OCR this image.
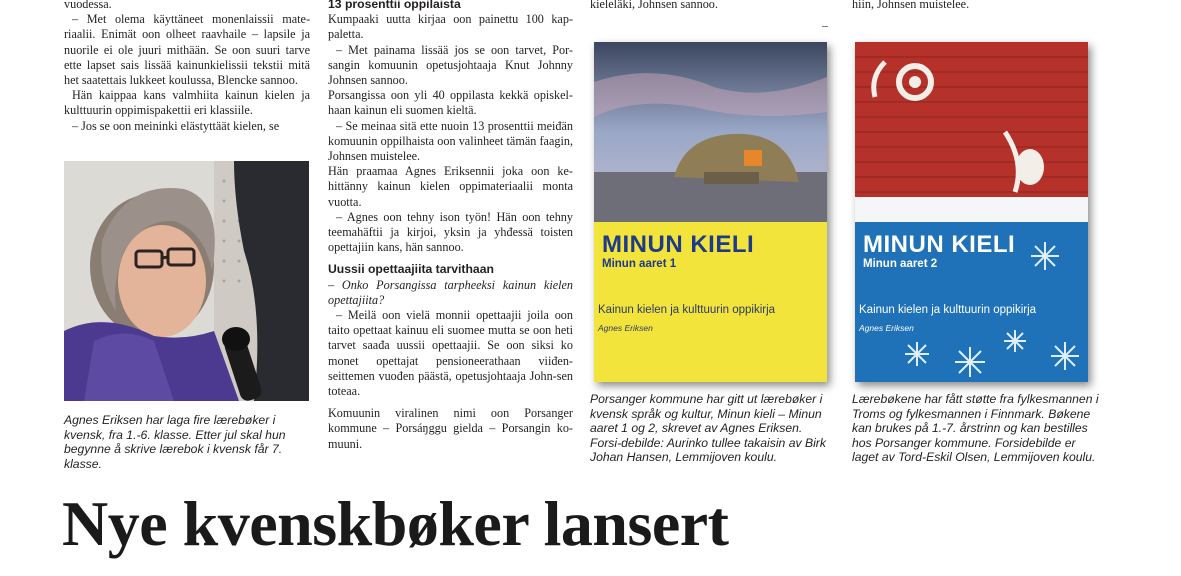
vuodessa.

– Met olema käyttäneet monenlaissii mate-riaalii. Enimät oon olheet raavhaile – lapsile ja nuorile ei ole juuri mithään. Se oon suuri tarve ette lapset sais lissää kainunkielissii tekstii mitä het saatettais lukkeet koulussa, Blencke sannoo.

Hän kaippaa kans valmhiita kainun kielen ja kulttuurin oppimispakettii eri klassiile.

– Jos se oon meininki elästyttäät kielen, se

Agnes Eriksen har laga fire lærebøker i kvensk, fra 1.-6. klasse. Etter jul skal hun begynne å skrive lærebok i kvensk får 7. klasse.

13 prosenttii oppilaista

Kumpaaki uutta kirjaa oon painettu 100 kap-paletta.

– Met painama lissää jos se oon tarvet, Por-sangin komuunin opetusjohtaaja Knut Johnny Johnsen sannoo.

Porsangissa oon yli 40 oppilasta kekkä opiskel-haan kainun eli suomen kieltä.

– Se meinaa sitä ette nuoin 13 prosenttii meiđän komuunin oppilhaista oon valinheet tämän faagin, Johnsen muistelee.

Hän praamaa Agnes Eriksennii joka oon ke-hittänny kainun kielen oppimateriaalii monta vuotta.

– Agnes oon tehny ison työn! Hän oon tehny teemahäftii ja kirjoi, yksin ja yhđessä toisten opettajiin kans, hän sannoo.

Uussii opettaajiita tarvithaan

– Onko Porsangissa tarpheeksi kainun kielen opettajiita?

– Meilä oon vielä monnii opettaajii joila oon taito opettaat kainuu eli suomee mutta se oon heti tarvet saađa uussii opettaajii. Se oon siksi ko monet opettajat pensioneerathaan viiđen-seittemen vuođen päästä, opetusjohtaaja John-sen toteaa.

Komuunin viralinen nimi oon Porsanger kommune – Porsáŋggu gielda – Porsangin ko-muuni.

kieleläki, Johnsen sannoo.

–

hiin, Johnsen muistelee.

MINUN KIELI
Minun aaret 1
Kainun kielen ja kulttuurin oppikirja
Agnes Eriksen
Porsanger kommune har gitt ut lærebøker i kvensk språk og kultur, Minun kieli – Minun aaret 1 og 2, skrevet av Agnes Eriksen. Forsi-debilde: Aurinko tullee takaisin av Birk Johan Hansen, Lemmijoven koulu.
MINUN KIELI
Minun aaret 2
Kainun kielen ja kulttuurin oppikirja
Agnes Eriksen
Lærebøkene har fått støtte fra fylkesmannen i Troms og fylkesmannen i Finnmark. Bøkene kan brukes på 1.-7. årstrinn og kan bestilles hos Porsanger kommune. Forsidebilde er laget av Tord-Eskil Olsen, Lemmijoven koulu.
Nye kvenskbøker lansert
